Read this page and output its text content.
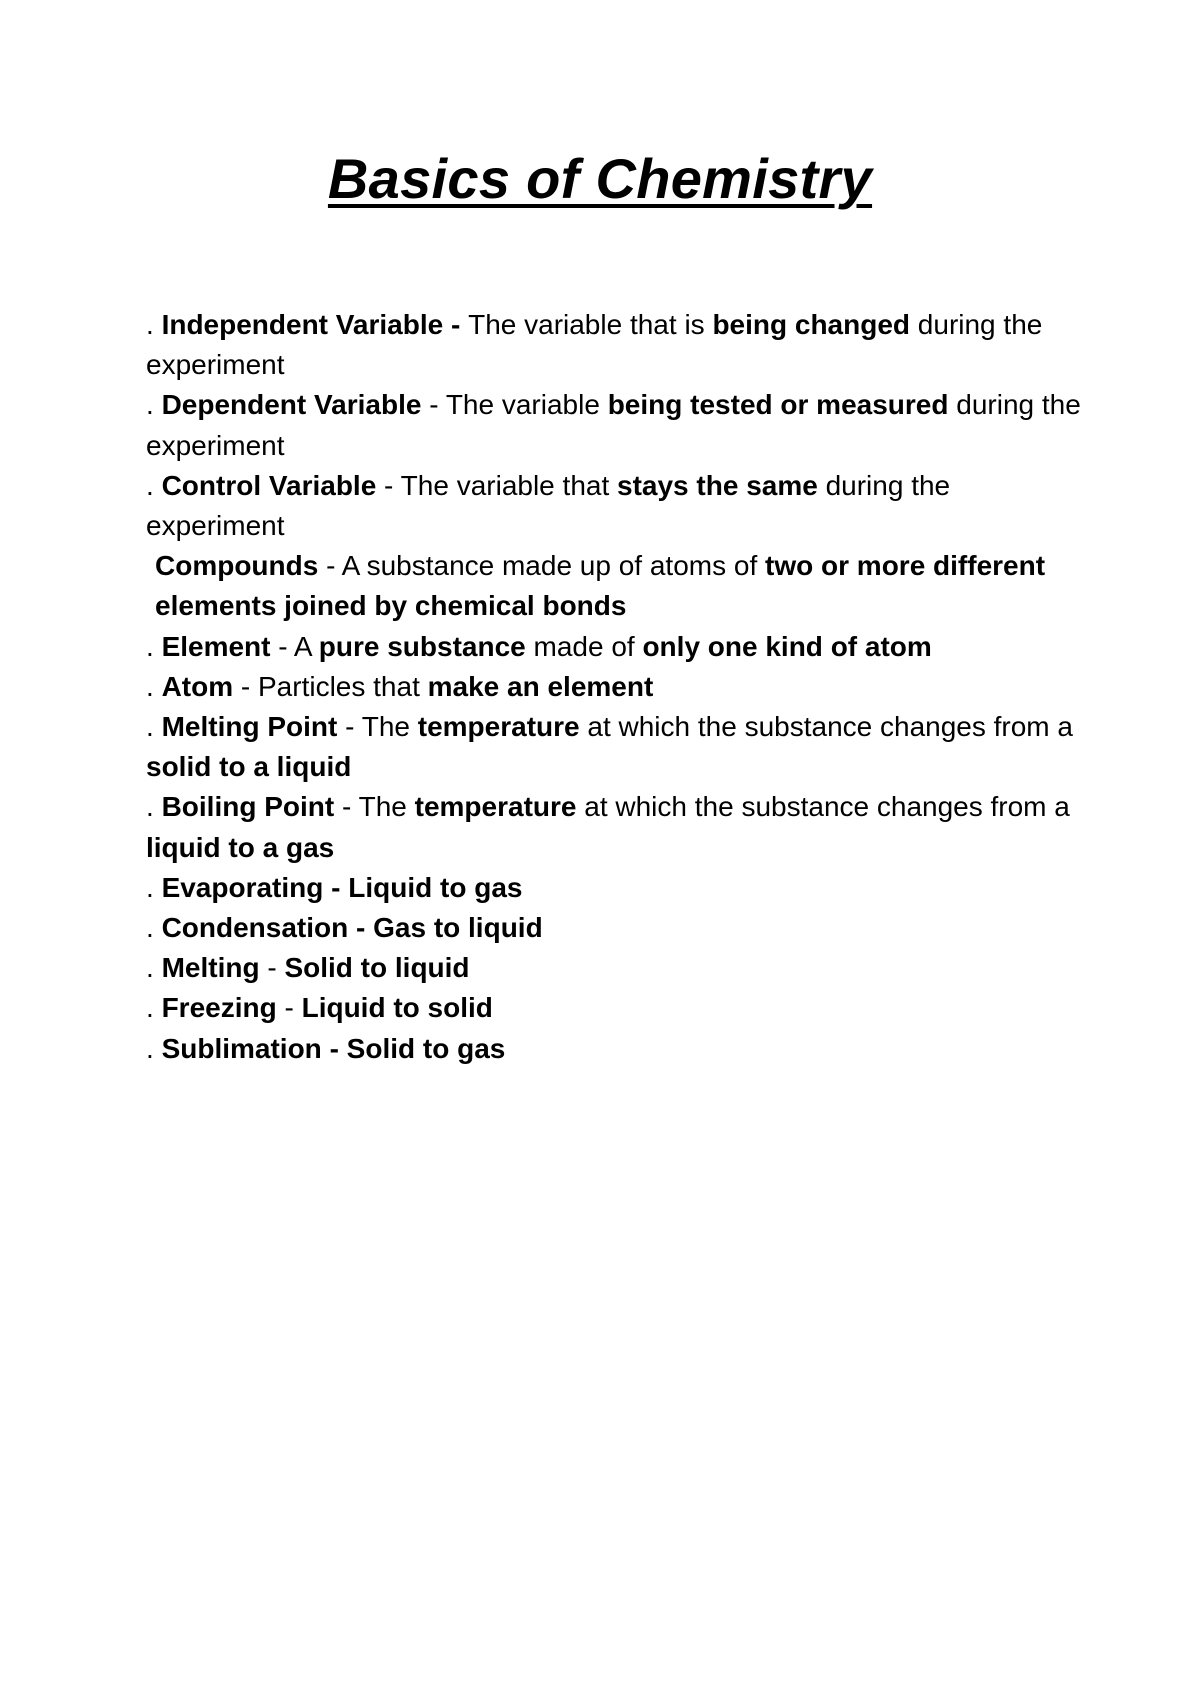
Basics of Chemistry
. Independent Variable - The variable that is being changed during the experiment
. Dependent Variable - The variable being tested or measured during the experiment
. Control Variable - The variable that stays the same during the experiment
Compounds - A substance made up of atoms of two or more different elements joined by chemical bonds
. Element - A pure substance made of only one kind of atom
. Atom - Particles that make an element
. Melting Point - The temperature at which the substance changes from a solid to a liquid
. Boiling Point - The temperature at which the substance changes from a liquid to a gas
. Evaporating - Liquid to gas
. Condensation - Gas to liquid
. Melting - Solid to liquid
. Freezing - Liquid to solid
. Sublimation - Solid to gas
